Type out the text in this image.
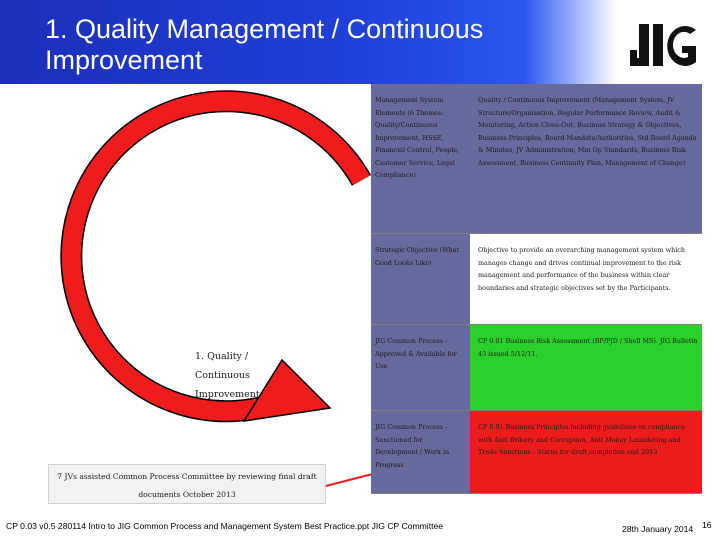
1. Quality Management / Continuous Improvement
Management System Elements (6 Themes: Quality/Continuous Improvement, HSSE, Financial Control, People, Customer Service, Legal Compliance)
Quality / Continuous Improvement (Management System, JV Structure/Organisation, Regular Performance Review, Audit & Monitoring, Action Close-Out, Business Strategy & Objectives, Business Principles, Board Mandate/Authorities, Std Board Agenda & Minutes, JV Administration, Min Op Standards, Business Risk Assessment, Business Continuity Plan, Management of Change)
Strategic Objective (What Good Looks Like)
Objective to provide an overarching management system which manages change and drives continual improvement to the risk management and performance of the business within clear boundaries and strategic objectives set by the Participants.
JIG Common Process - Approved & Available for Use
CP 0.01 Business Risk Assessment (BP/PJD / Shell MS). JIG Bulletin 43 issued 5/12/11.
JIG Common Process - Sanctioned for Development / Work in Progress
CP 0.01 Business Principles including guidelines on compliance with Anti Bribery and Corruption, Anti Money Laundering and Trade Sanctions - Status for draft completion end 2013
1. Quality / Continuous Improvement
7 JVs assisted Common Process Committee by reviewing final draft documents October 2013
CP 0.03 v0.5 280114 Intro to JIG Common Process and Management System Best Practice.ppt JIG CP Committee	28th January 2014 16
